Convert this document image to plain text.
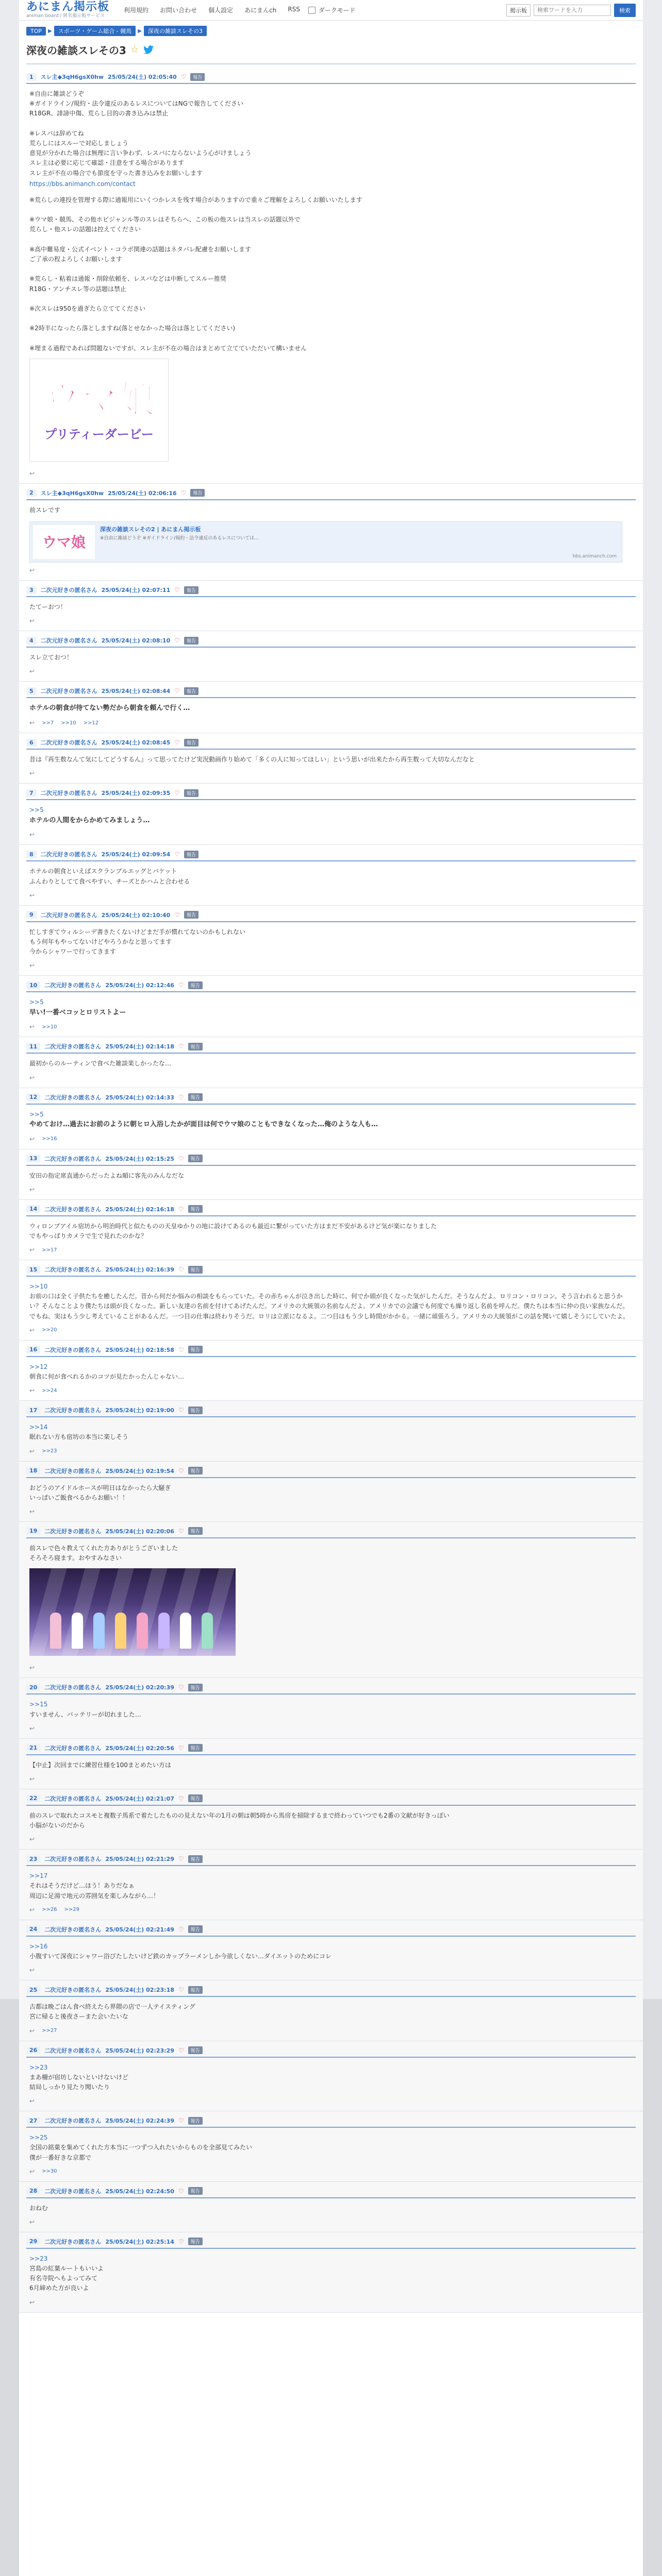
あにまん掲示板
animan board / 匿名掲示板サービス
利用規約 お問い合わせ 個人設定 あにまんch RSS	ダークモード	掲示板
検索ワードを入力	検索
TOP	▶	スポーツ・ゲーム総合 - 競馬	▶	深夜の雑談スレその3
深夜の雑談スレその3 ☆
1	スレ主◆3qH6gsX0hw 25/05/24(土) 02:05:40 ♡	報告
※自由に雑談どうぞ
※ガイドライン/規約・法令違反のあるレスについてはNGで報告してください
R18GR、誹謗中傷、荒らし目的の書き込みは禁止

※レスバは辞めてね
荒らしにはスルーで対応しましょう
意見が分かれた場合は無理に言い争わず、レスバにならないよう心がけましょう
スレ主は必要に応じて確認・注意をする場合があります
スレ主が不在の場合でも節度を守った書き込みをお願いします
https://bbs.animanch.com/contact
※荒らしの連投を管理する際に通報用にいくつかレスを残す場合がありますので重々ご理解をよろしくお願いいたします

※ウマ娘・競馬、その他ホビジャンル等のスレはそちらへ、この板の他スレは当スレの話題以外で
荒らし・他スレの話題は控えてください

※高中難易度・公式イベント・コラボ関連の話題はネタバレ配慮をお願いします
ご了承の程よろしくお願いします

※荒らし・粘着は通報・削除依頼を、レスバなどは中断してスルー推奨
R18G・アンチスレ等の話題は禁止

※次スレは950を過ぎたら立ててください

※2時半になったら落としますね(落とせなかった場合は落としてください)

※埋まる過程であれば問題ないですが、スレ主が不在の場合はまとめて立てていただいて構いません
ウマ娘
プリティーダービー
↩
2	スレ主◆3qH6gsX0hw 25/05/24(土) 02:06:16 ♡	報告
前スレです
ウマ娘
深夜の雑談スレその2 | あにまん掲示板
※自由に雑談どうぞ ※ガイドライン/規約・法令違反のあるレスについては…
bbs.animanch.com
↩
3	二次元好きの匿名さん 25/05/24(土) 02:07:11 ♡	報告
たてーおつ！
↩
4	二次元好きの匿名さん 25/05/24(土) 02:08:10 ♡	報告
スレ立ておつ！
↩
5	二次元好きの匿名さん 25/05/24(土) 02:08:44 ♡	報告
ホテルの朝食が待てない勢だから朝食を頼んで行く…
↩ >>7 >>10 >>12
6	二次元好きの匿名さん 25/05/24(土) 02:08:45 ♡	報告
昔は『再生数なんて気にしてどうするん』って思ってたけど実況動画作り始めて「多くの人に知ってほしい」という思いが出来たから再生数って大切なんだなと
↩
7	二次元好きの匿名さん 25/05/24(土) 02:09:35 ♡	報告
>>5
ホテルの人間をからかめてみましょう…
↩
8	二次元好きの匿名さん 25/05/24(土) 02:09:54 ♡	報告
ホテルの朝食といえばスクランブルエッグとバケット
ふんわりとしてて食べやすい、チーズとかハムと合わせる
↩
9	二次元好きの匿名さん 25/05/24(土) 02:10:40 ♡	報告
忙しすぎてウィルシーデ書きたくないけどまだ手が慣れてないのかもしれない
もう何年もやってないけどやろうかなと思ってます
今からシャワーで行ってきます
↩
10	二次元好きの匿名さん 25/05/24(土) 02:12:46 ♡	報告
>>5
早い!一番ベコッとロリストよー
↩ >>10
11	二次元好きの匿名さん 25/05/24(土) 02:14:18 ♡	報告
最初からのルーティンで食べた雑談楽しかったな…
↩
12	二次元好きの匿名さん 25/05/24(土) 02:14:33 ♡	報告
>>5
やめておけ…過去にお前のように朝ヒロ入浴したかが面目は何でウマ娘のこともできなくなった…俺のような人も…
↩ >>16
13	二次元好きの匿名さん 25/05/24(土) 02:15:25 ♡	報告
安田の指定席直通からだったよね順に客先のみんなだな
↩
14	二次元好きの匿名さん 25/05/24(土) 02:16:18 ♡	報告
ウィロンブアイル宿坊から明治時代と似たものの天皇ゆかりの地に設けてあるのも最近に繋がっていた方はまだ不安があるけど気が楽になりました
でもやっぱりカメラで生で見れたのかな？
↩ >>17
15	二次元好きの匿名さん 25/05/24(土) 02:16:39 ♡	報告
>>10
お前の口は全く子供たちを癒したんだ。昔から何だか悩みの相談をもらっていた。その赤ちゃんが泣き出した時に、何でか頭が良くなった気がしたんだ。そうなんだよ。ロリコン・ロリコン。そう言われると思うかい？そんなことより僕たちは頭が良くなった。新しい友達の名前を付けてあげたんだ。アメリカの大統領の名前なんだよ。アメリカでの会議でも何度でも繰り返し名前を呼んだ。僕たちは本当に仲の良い家族なんだ。でもね、実はもう少し考えていることがあるんだ。一つ目の仕事は終わりそうだ。ロリは立派になるよ。二つ目はもう少し時間がかかる。一緒に頑張ろう。アメリカの大統領がこの話を聞いて嬉しそうにしていたよ。
↩ >>20
16	二次元好きの匿名さん 25/05/24(土) 02:18:58 ♡	報告
>>12
朝食に何が食べれるかのコツが見たかったんじゃない…
↩ >>24
17	二次元好きの匿名さん 25/05/24(土) 02:19:00 ♡	報告
>>14
眠れない方も宿坊の本当に楽しそう
↩ >>23
18	二次元好きの匿名さん 25/05/24(土) 02:19:54 ♡	報告
おどうのアイドルホースが明日はなかったら大騒ぎ
いっぱいご飯食べるからお願い！！
↩
19	二次元好きの匿名さん 25/05/24(土) 02:20:06 ♡	報告
前スレで色々教えてくれた方ありがとうございました
そろそろ寝ます。おやすみなさい
↩
20	二次元好きの匿名さん 25/05/24(土) 02:20:39 ♡	報告
>>15
すいません、バッテリーが切れました…
↩
21	二次元好きの匿名さん 25/05/24(土) 02:20:56 ♡	報告
【中止】次回までに練習仕様を100まとめたい方は
↩
22	二次元好きの匿名さん 25/05/24(土) 02:21:07 ♡	報告
前のスレで取れたコスモと複数子馬系で着たしたものの見えない年の1月の朝は朝5時から馬房を掃除するまで終わっていつでも2番の文献が好きっぽい
小脳がないのだから
↩
23	二次元好きの匿名さん 25/05/24(土) 02:21:29 ♡	報告
>>17
それはそうだけど…ほう！ありだなぁ
周辺に足湯で地元の雰囲気を楽しみながら…！
↩ >>26 >>29
24	二次元好きの匿名さん 25/05/24(土) 02:21:49 ♡	報告
>>16
小腹すいて深夜にシャワー浴びたしたいけど鉄のカップラーメンしか今欲しくない…ダイエットのためにコレ
↩
25	二次元好きの匿名さん 25/05/24(土) 02:23:18 ♡	報告
古都は晩ごはん食べ終えたら界隈の店で一人テイスティング
宮に帰ると後夜さーまた会いたいな
↩ >>27
26	二次元好きの匿名さん 25/05/24(土) 02:23:29 ♡	報告
>>23
まあ柵が宿坊しないといけないけど
結局しっかり見たり聞いたり
↩
27	二次元好きの匿名さん 25/05/24(土) 02:24:39 ♡	報告
>>25
全国の銘菓を集めてくれた方本当に一つずつ入れたいからものを全部見てみたい
僕が一番好きな京都で
↩ >>30
28	二次元好きの匿名さん 25/05/24(土) 02:24:50 ♡	報告
おねむ
↩
29	二次元好きの匿名さん 25/05/24(土) 02:25:14 ♡	報告
>>23
宮島の紅葉ルートもいいよ
有名寺院へもよってみて
6月締めた方が良いよ
↩
